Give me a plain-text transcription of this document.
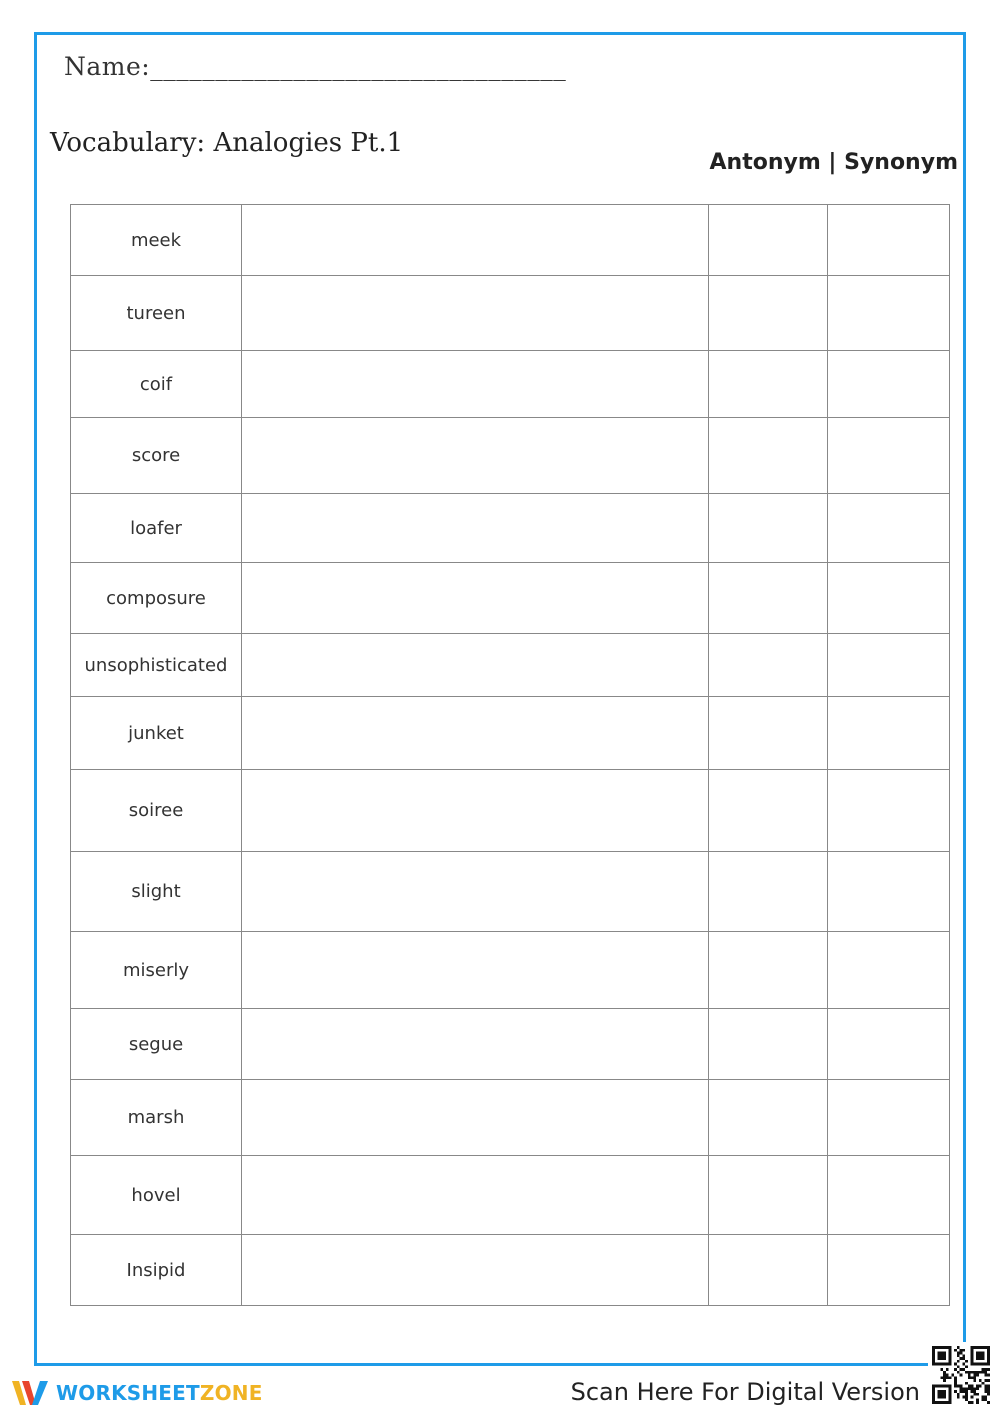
Name:________________________________
Vocabulary: Analogies Pt.1
Antonym | Synonym
meek			
tureen			
coif			
score			
loafer			
composure			
unsophisticated			
junket			
soiree			
slight			
miserly			
segue			
marsh			
hovel			
Insipid			
WORKSHEETZONE	Scan Here For Digital Version
